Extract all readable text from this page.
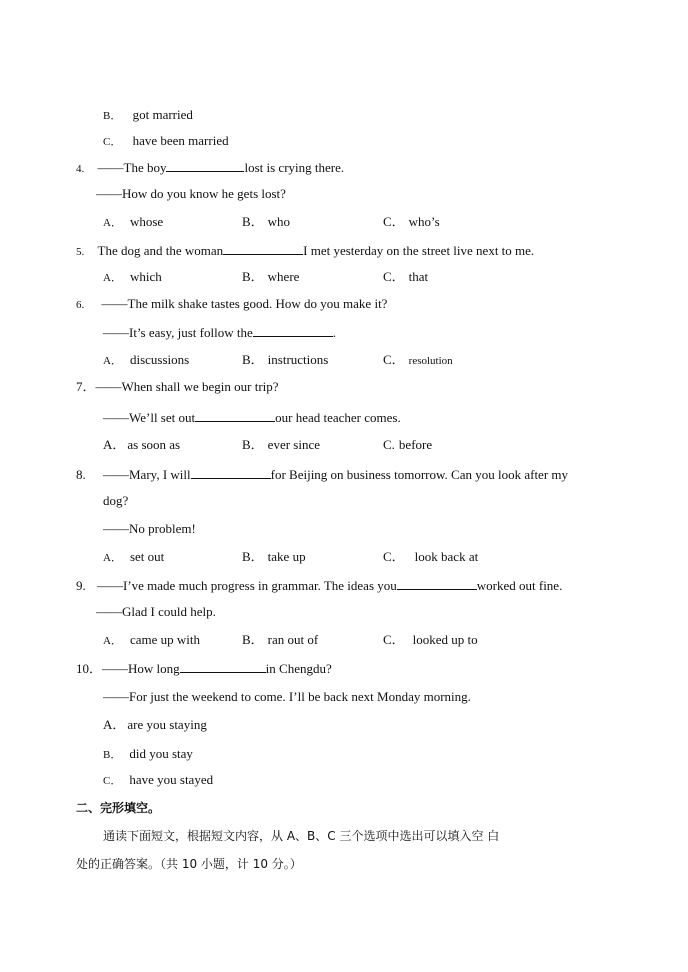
B． got married
C． have been married
4. ——The boy	lost is crying there.
——How do you know he gets lost?
A． whose	B． who	C． who’s
5. The dog and the woman	I met yesterday on the street live next to me.
A． which	B． where	C． that
6. ——The milk shake tastes good. How do you make it?
——It’s easy, just follow the	.
A． discussions	B． instructions	C． resolution
7．——When shall we begin our trip?
——We’ll set out	our head teacher comes.
A． as soon as	B． ever since	C. before
8. ——Mary, I will	for Beijing on business tomorrow. Can you look after my
dog?
——No problem!
A． set out	B． take up	C． look back at
9. ——I’ve made much progress in grammar. The ideas you	worked out fine.
——Glad I could help.
A． came up with	B． ran out of	C． looked up to
10．——How long	in Chengdu?
——For just the weekend to come. I’ll be back next Monday morning.
A． are you staying
B． did you stay
C． have you stayed
二、完形填空。
通读下面短文，根据短文内容，从 A、B、C 三个选项中选出可以填入空 白
处的正确答案。（共 10 小题，计 10 分。）
